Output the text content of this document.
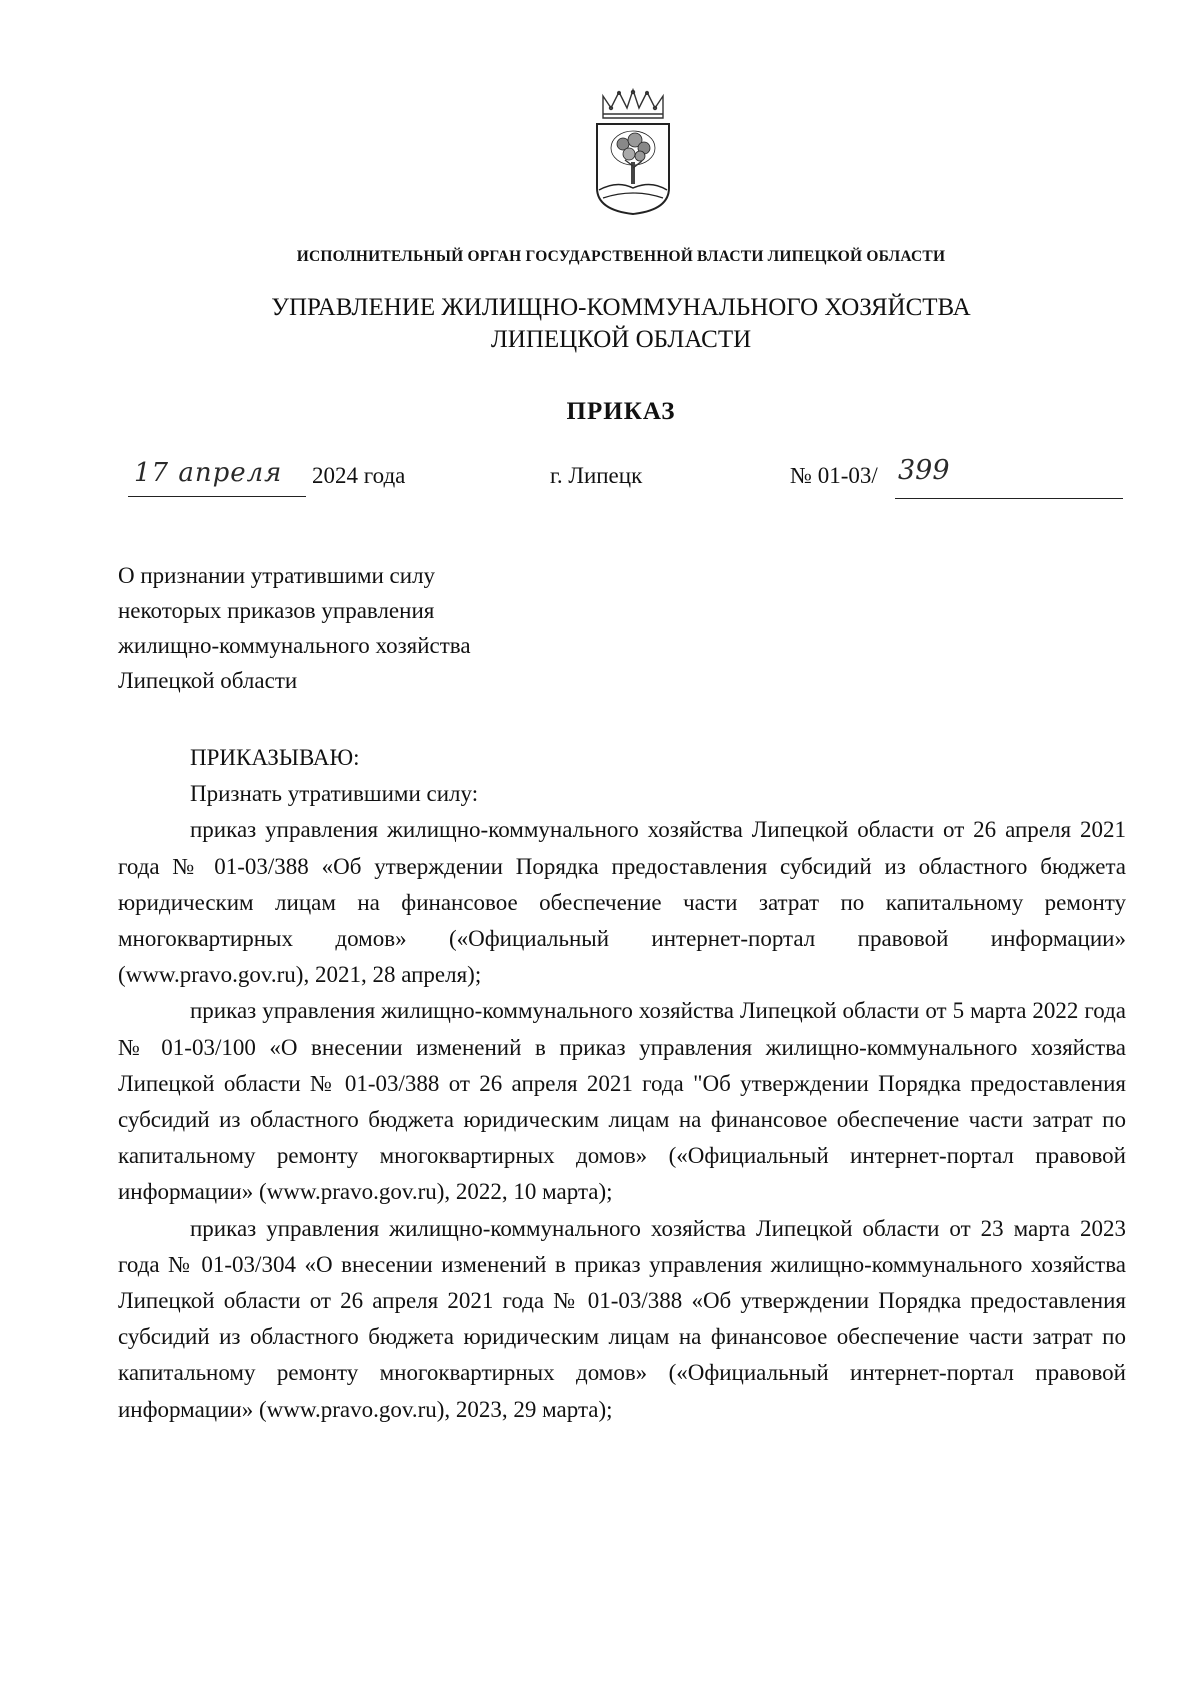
ИСПОЛНИТЕЛЬНЫЙ ОРГАН ГОСУДАРСТВЕННОЙ ВЛАСТИ ЛИПЕЦКОЙ ОБЛАСТИ
УПРАВЛЕНИЕ ЖИЛИЩНО-КОММУНАЛЬНОГО ХОЗЯЙСТВА
ЛИПЕЦКОЙ ОБЛАСТИ
ПРИКАЗ
17 апреля 2024 года	г. Липецк	№ 01-03/ 399
О признании утратившими силу
некоторых приказов управления
жилищно-коммунального хозяйства
Липецкой области

ПРИКАЗЫВАЮ:

Признать утратившими силу:

приказ управления жилищно-коммунального хозяйства Липецкой области от 26 апреля 2021 года № 01-03/388 «Об утверждении Порядка предоставления субсидий из областного бюджета юридическим лицам на финансовое обеспечение части затрат по капитальному ремонту многоквартирных домов» («Официальный интернет-портал правовой информации» (www.pravo.gov.ru), 2021, 28 апреля);

приказ управления жилищно-коммунального хозяйства Липецкой области от 5 марта 2022 года № 01-03/100 «О внесении изменений в приказ управления жилищно-коммунального хозяйства Липецкой области № 01-03/388 от 26 апреля 2021 года "Об утверждении Порядка предоставления субсидий из областного бюджета юридическим лицам на финансовое обеспечение части затрат по капитальному ремонту многоквартирных домов» («Официальный интернет-портал правовой информации» (www.pravo.gov.ru), 2022, 10 марта);

приказ управления жилищно-коммунального хозяйства Липецкой области от 23 марта 2023 года № 01-03/304 «О внесении изменений в приказ управления жилищно-коммунального хозяйства Липецкой области от 26 апреля 2021 года № 01-03/388 «Об утверждении Порядка предоставления субсидий из областного бюджета юридическим лицам на финансовое обеспечение части затрат по капитальному ремонту многоквартирных домов» («Официальный интернет-портал правовой информации» (www.pravo.gov.ru), 2023, 29 марта);
